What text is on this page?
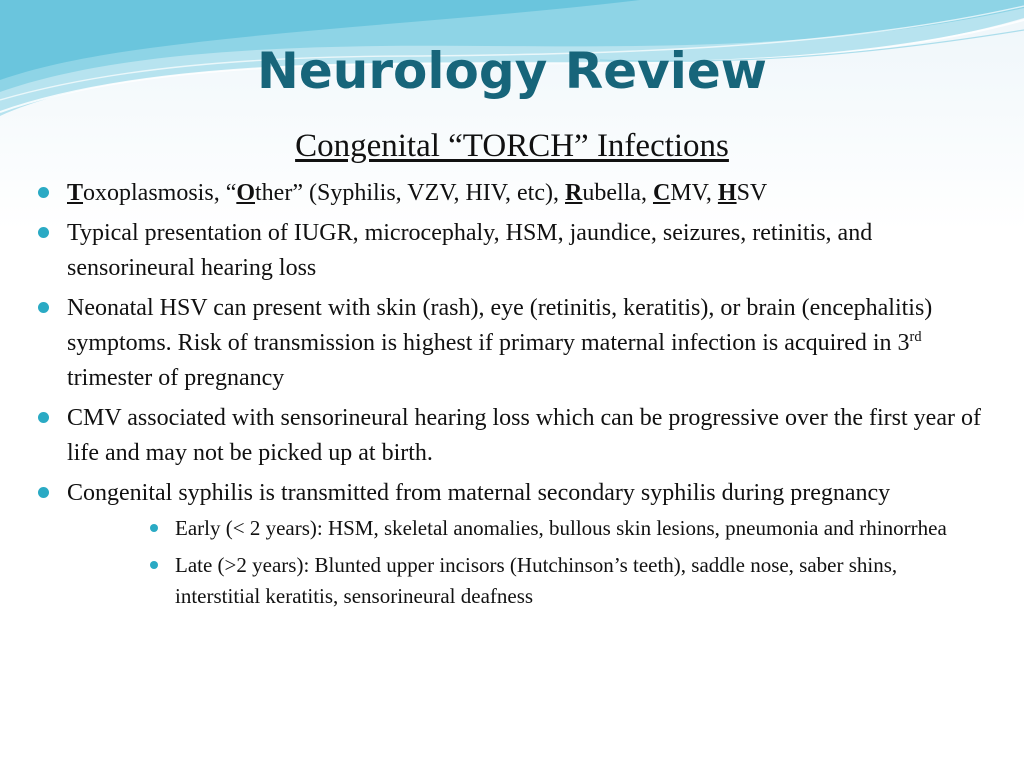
Neurology Review
Congenital “TORCH” Infections
Toxoplasmosis, “Other” (Syphilis, VZV, HIV, etc), Rubella, CMV, HSV
Typical presentation of IUGR, microcephaly, HSM, jaundice, seizures, retinitis, and sensorineural hearing loss
Neonatal HSV can present with skin (rash), eye (retinitis, keratitis), or brain (encephalitis) symptoms. Risk of transmission is highest if primary maternal infection is acquired in 3rd trimester of pregnancy
CMV associated with sensorineural hearing loss which can be progressive over the first year of life and may not be picked up at birth.
Congenital syphilis is transmitted from maternal secondary syphilis during pregnancy
Early (< 2 years): HSM, skeletal anomalies, bullous skin lesions, pneumonia and rhinorrhea
Late (>2 years): Blunted upper incisors (Hutchinson’s teeth), saddle nose, saber shins, interstitial keratitis, sensorineural deafness
